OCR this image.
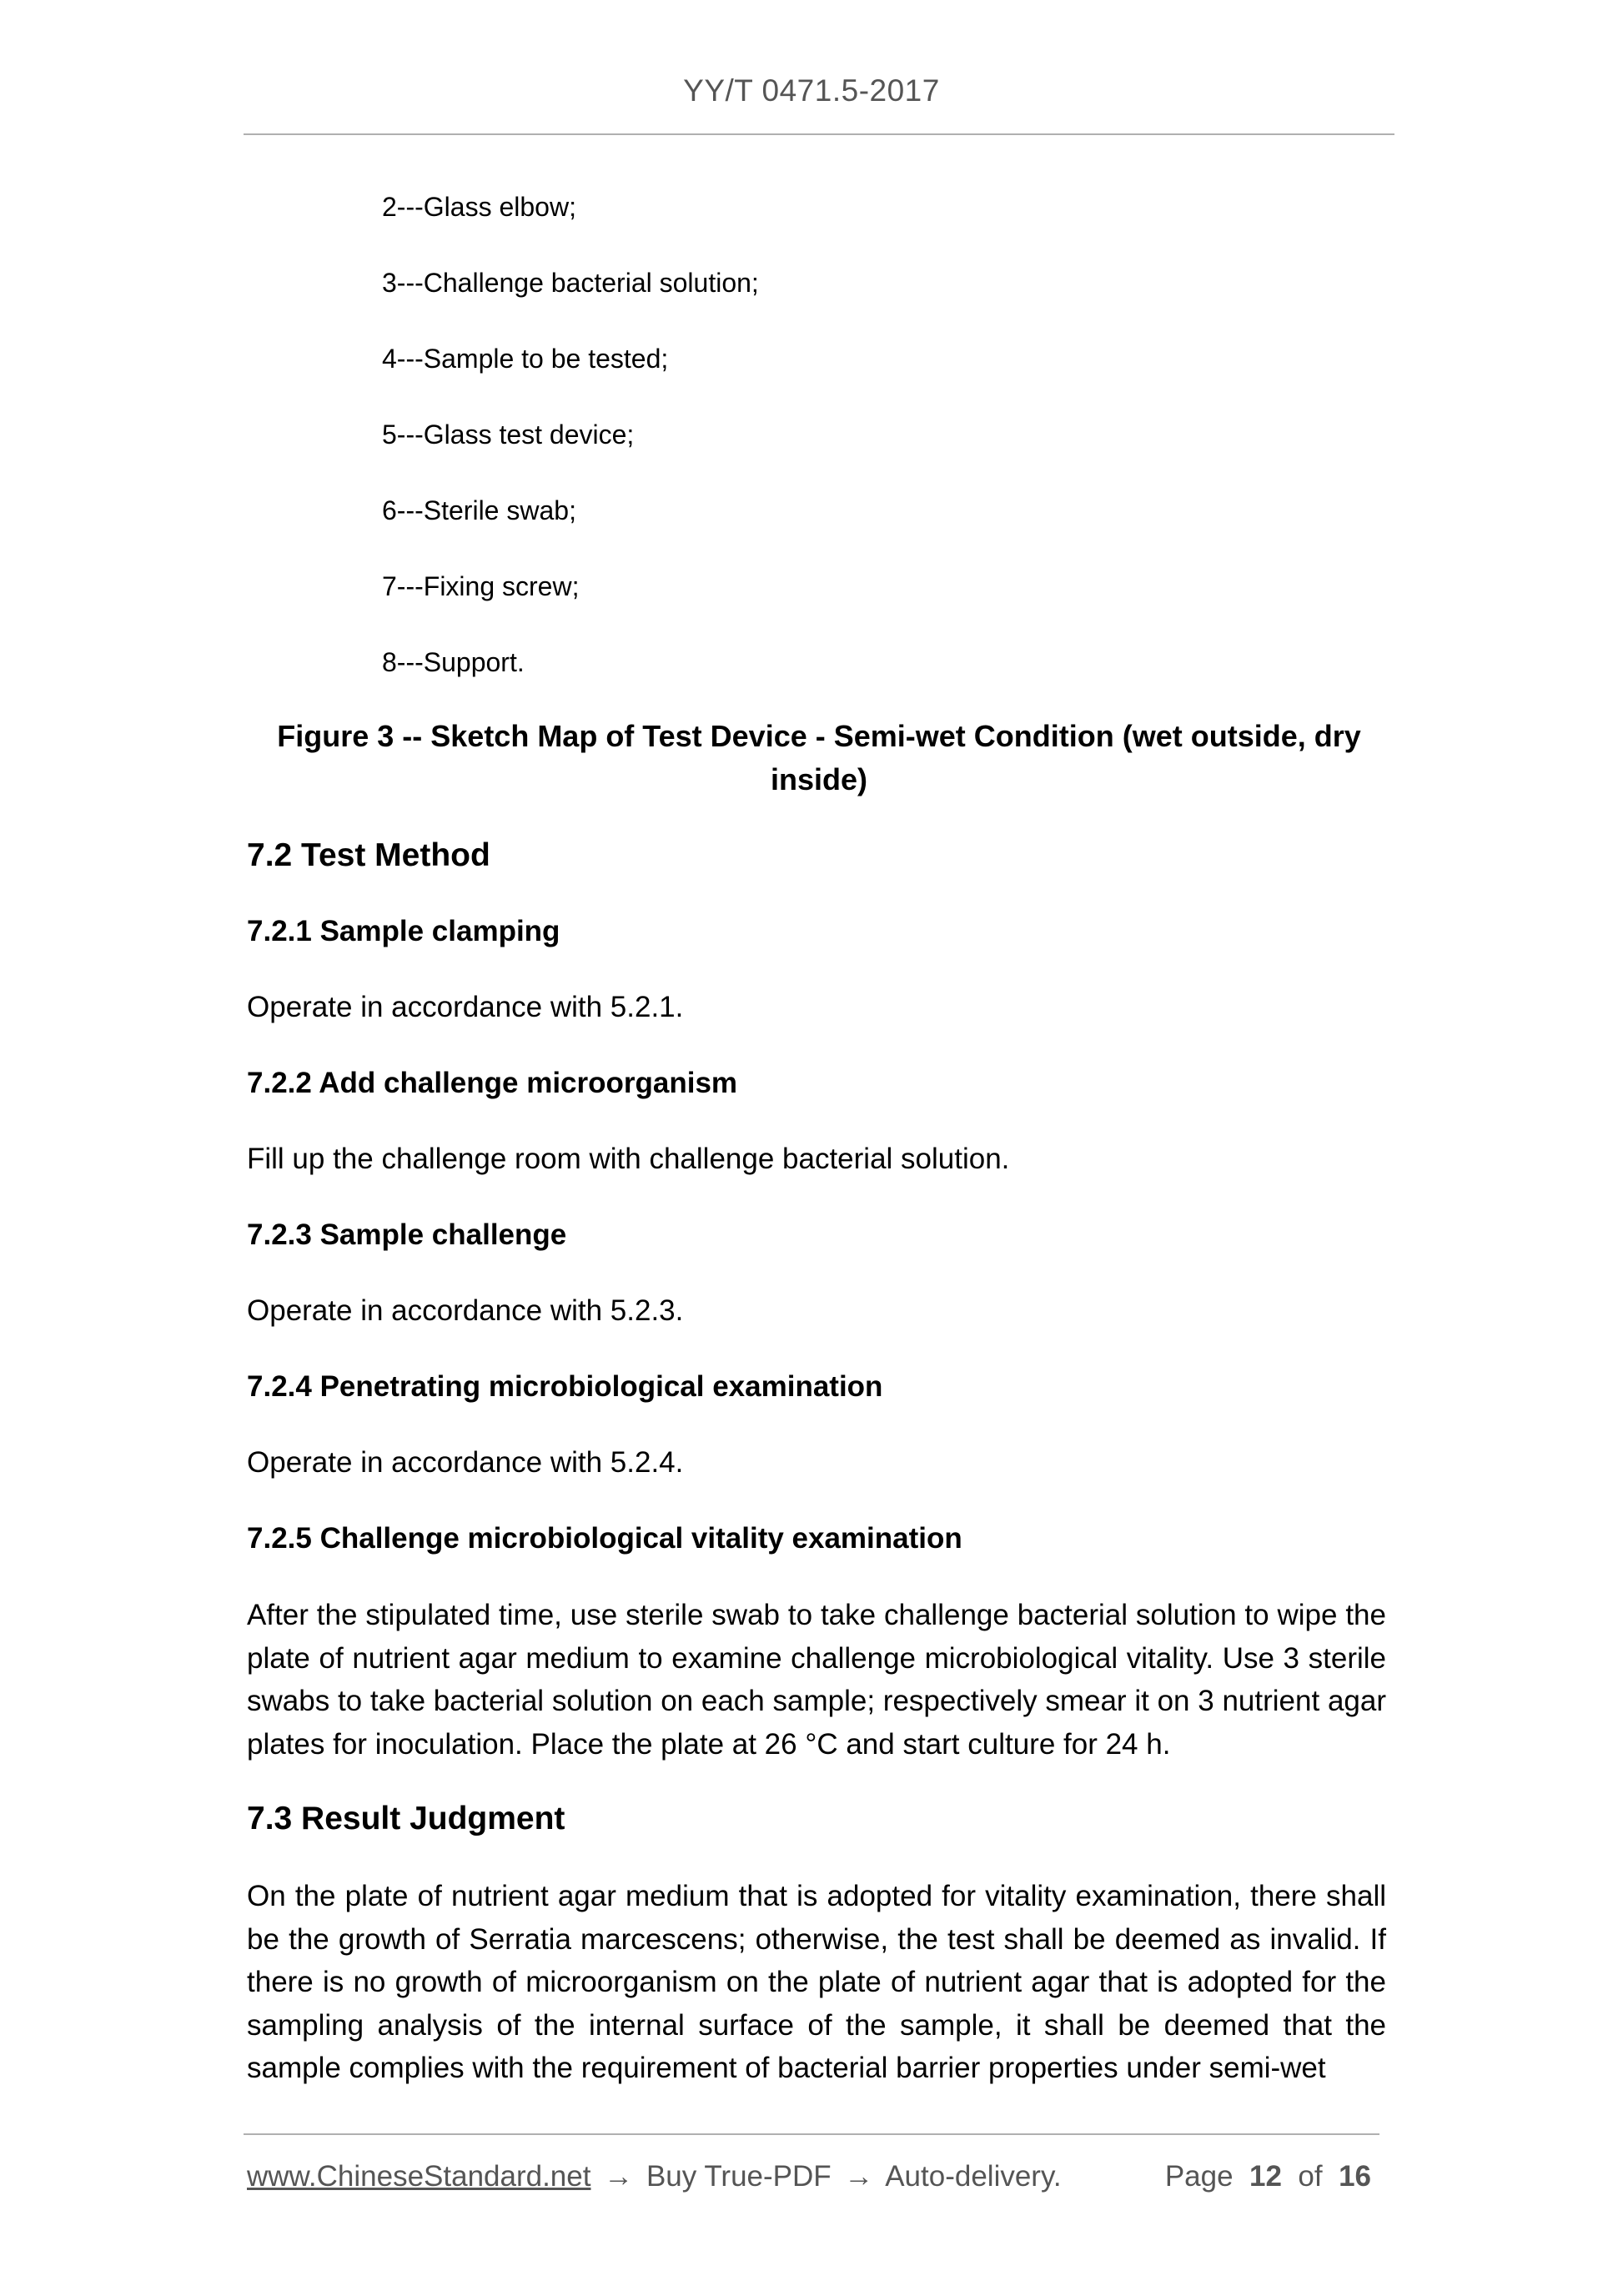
YY/T 0471.5-2017
2---Glass elbow;
3---Challenge bacterial solution;
4---Sample to be tested;
5---Glass test device;
6---Sterile swab;
7---Fixing screw;
8---Support.
Figure 3 -- Sketch Map of Test Device - Semi-wet Condition (wet outside, dry
inside)
7.2 Test Method
7.2.1 Sample clamping
Operate in accordance with 5.2.1.
7.2.2 Add challenge microorganism
Fill up the challenge room with challenge bacterial solution.
7.2.3 Sample challenge
Operate in accordance with 5.2.3.
7.2.4 Penetrating microbiological examination
Operate in accordance with 5.2.4.
7.2.5 Challenge microbiological vitality examination
After the stipulated time, use sterile swab to take challenge bacterial solution to wipe the plate of nutrient agar medium to examine challenge microbiological vitality. Use 3 sterile swabs to take bacterial solution on each sample; respectively smear it on 3 nutrient agar plates for inoculation. Place the plate at 26 °C and start culture for 24 h.
7.3 Result Judgment
On the plate of nutrient agar medium that is adopted for vitality examination, there shall be the growth of Serratia marcescens; otherwise, the test shall be deemed as invalid. If there is no growth of microorganism on the plate of nutrient agar that is adopted for the sampling analysis of the internal surface of the sample, it shall be deemed that the sample complies with the requirement of bacterial barrier properties under semi-wet
www.ChineseStandard.net → Buy True-PDF → Auto-delivery.	Page 12 of 16
